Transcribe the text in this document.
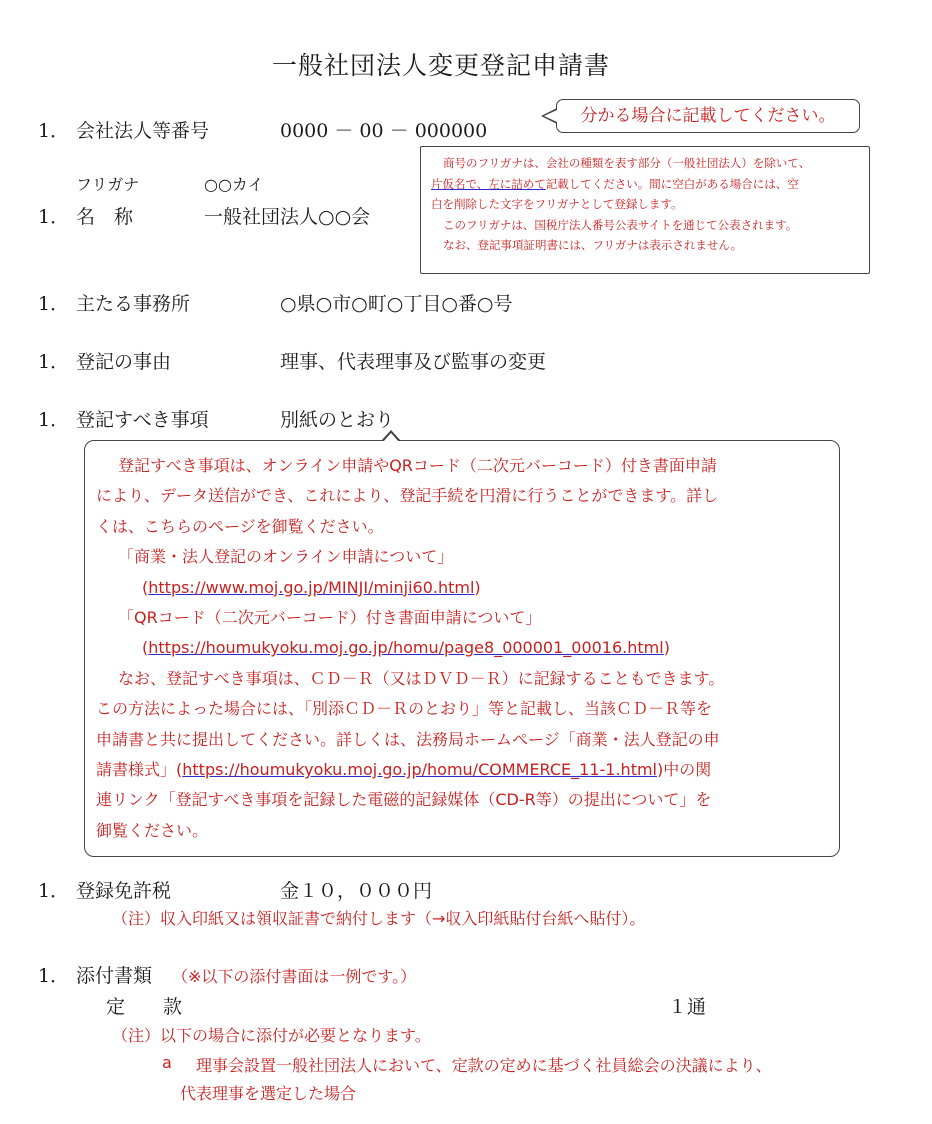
一般社団法人変更登記申請書
1． 会社法人等番号	0000 － 00 － 000000
分かる場合に記載してください。
フリガナ	○○カイ
1． 名　称	一般社団法人○○会

商号のフリガナは、会社の種類を表す部分（一般社団法人）を除いて、

片仮名で、左に詰めて記載してください。間に空白がある場合には、空

白を削除した文字をフリガナとして登録します。

このフリガナは、国税庁法人番号公表サイトを通じて公表されます。

なお、登記事項証明書には、フリガナは表示されません。

1． 主たる事務所	○県○市○町○丁目○番○号
1． 登記の事由	理事、代表理事及び監事の変更
1． 登記すべき事項	別紙のとおり

登記すべき事項は、オンライン申請やQRコード（二次元バーコード）付き書面申請

により、データ送信ができ、これにより、登記手続を円滑に行うことができます。詳し

くは、こちらのページを御覧ください。

「商業・法人登記のオンライン申請について」

(https://www.moj.go.jp/MINJI/minji60.html)

「QRコード（二次元バーコード）付き書面申請について」

(https://houmukyoku.moj.go.jp/homu/page8_000001_00016.html)

なお、登記すべき事項は、ＣＤ－Ｒ（又はＤＶＤ－Ｒ）に記録することもできます。

この方法によった場合には、「別添ＣＤ－Ｒのとおり」等と記載し、当該ＣＤ－Ｒ等を

申請書と共に提出してください。詳しくは、法務局ホームページ「商業・法人登記の申

請書様式」(https://houmukyoku.moj.go.jp/homu/COMMERCE_11-1.html)中の関

連リンク「登記すべき事項を記録した電磁的記録媒体（CD-R等）の提出について」を

御覧ください。

1． 登録免許税	金１０，０００円
（注）収入印紙又は領収証書で納付します（→収入印紙貼付台紙へ貼付）。
1． 添付書類 （※以下の添付書面は一例です。）
定　　款	１通
（注）以下の場合に添付が必要となります。
a 理事会設置一般社団法人において、定款の定めに基づく社員総会の決議により、
代表理事を選定した場合
